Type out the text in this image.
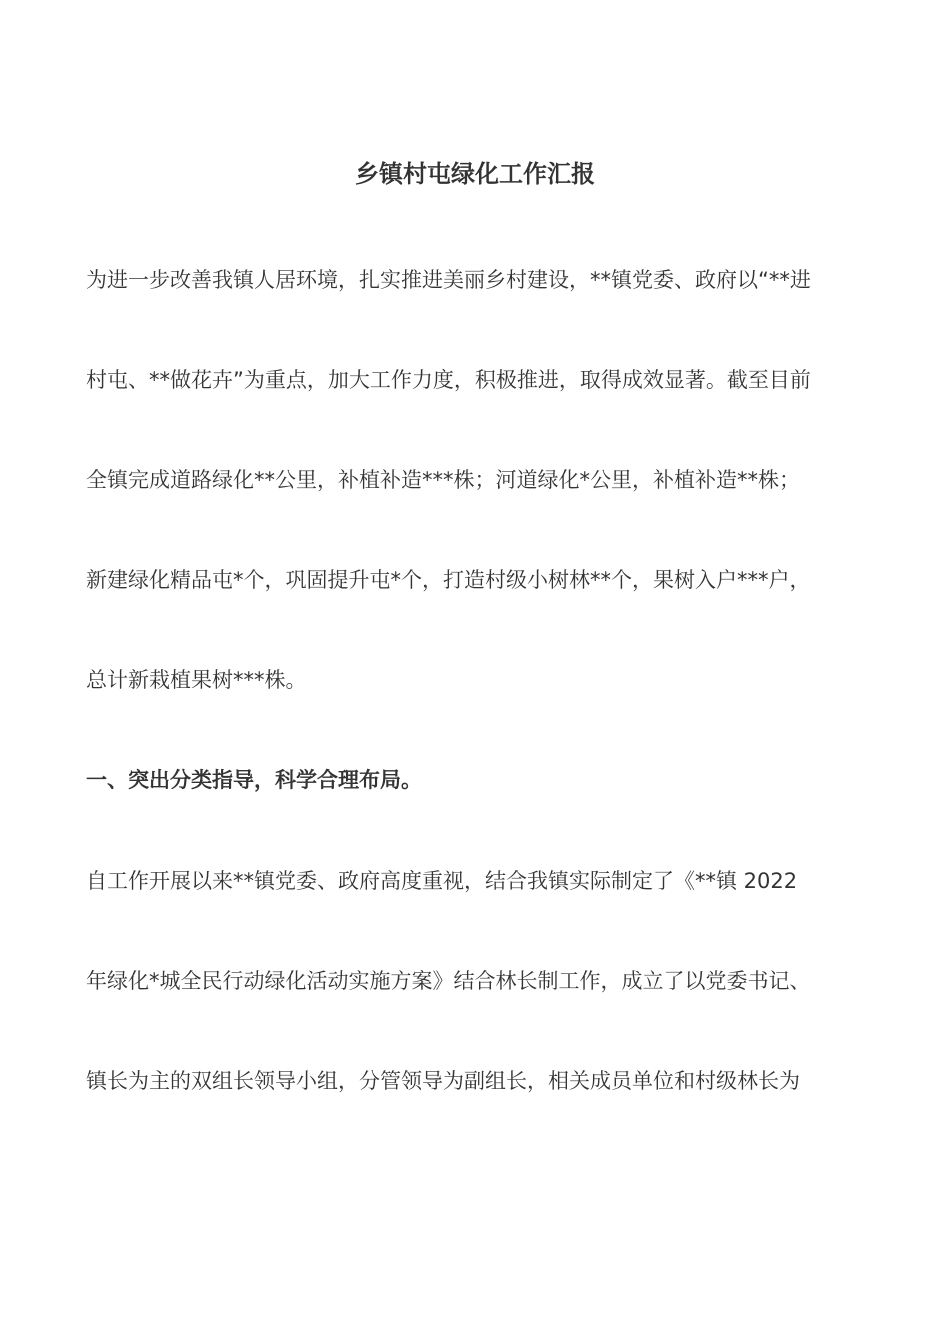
乡镇村屯绿化工作汇报

为进一步改善我镇人居环境，扎实推进美丽乡村建设，**镇党委、政府以“**进

村屯、**做花卉”为重点，加大工作力度，积极推进，取得成效显著。截至目前

全镇完成道路绿化**公里，补植补造***株；河道绿化*公里，补植补造**株；

新建绿化精品屯*个，巩固提升屯*个，打造村级小树林**个，果树入户***户，

总计新栽植果树***株。

一、突出分类指导，科学合理布局。

自工作开展以来**镇党委、政府高度重视，结合我镇实际制定了《**镇 2022

年绿化*城全民行动绿化活动实施方案》结合林长制工作，成立了以党委书记、

镇长为主的双组长领导小组，分管领导为副组长，相关成员单位和村级林长为
